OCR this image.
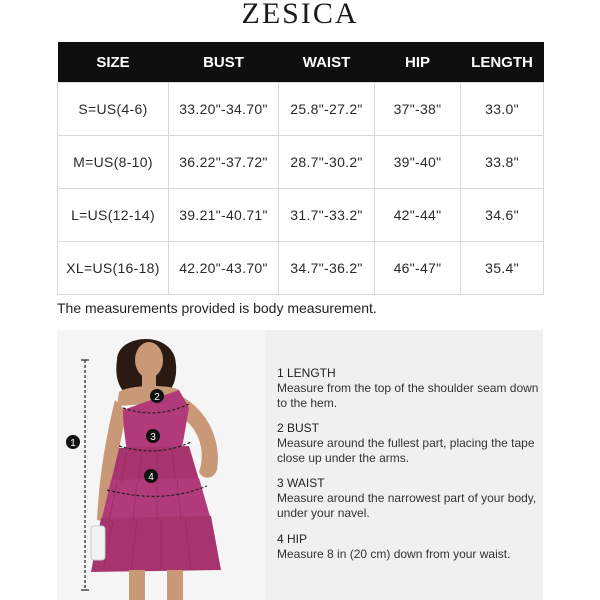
ZESICA
SIZE	BUST	WAIST	HIP	LENGTH
S=US(4-6)	33.20"-34.70"	25.8"-27.2"	37"-38"	33.0"
M=US(8-10)	36.22"-37.72"	28.7"-30.2"	39"-40"	33.8"
L=US(12-14)	39.21"-40.71"	31.7"-33.2"	42"-44"	34.6"
XL=US(16-18)	42.20"-43.70"	34.7"-36.2"	46"-47"	35.4"
The measurements provided is body measurement.
1
2
3
4
1 LENGTH
Measure from the top of the shoulder seam down to the hem.
2 BUST
Measure around the fullest part, placing the tape close up under the arms.
3 WAIST
Measure around the narrowest part of your body, under your navel.
4 HIP
Measure 8 in (20 cm) down from your waist.
